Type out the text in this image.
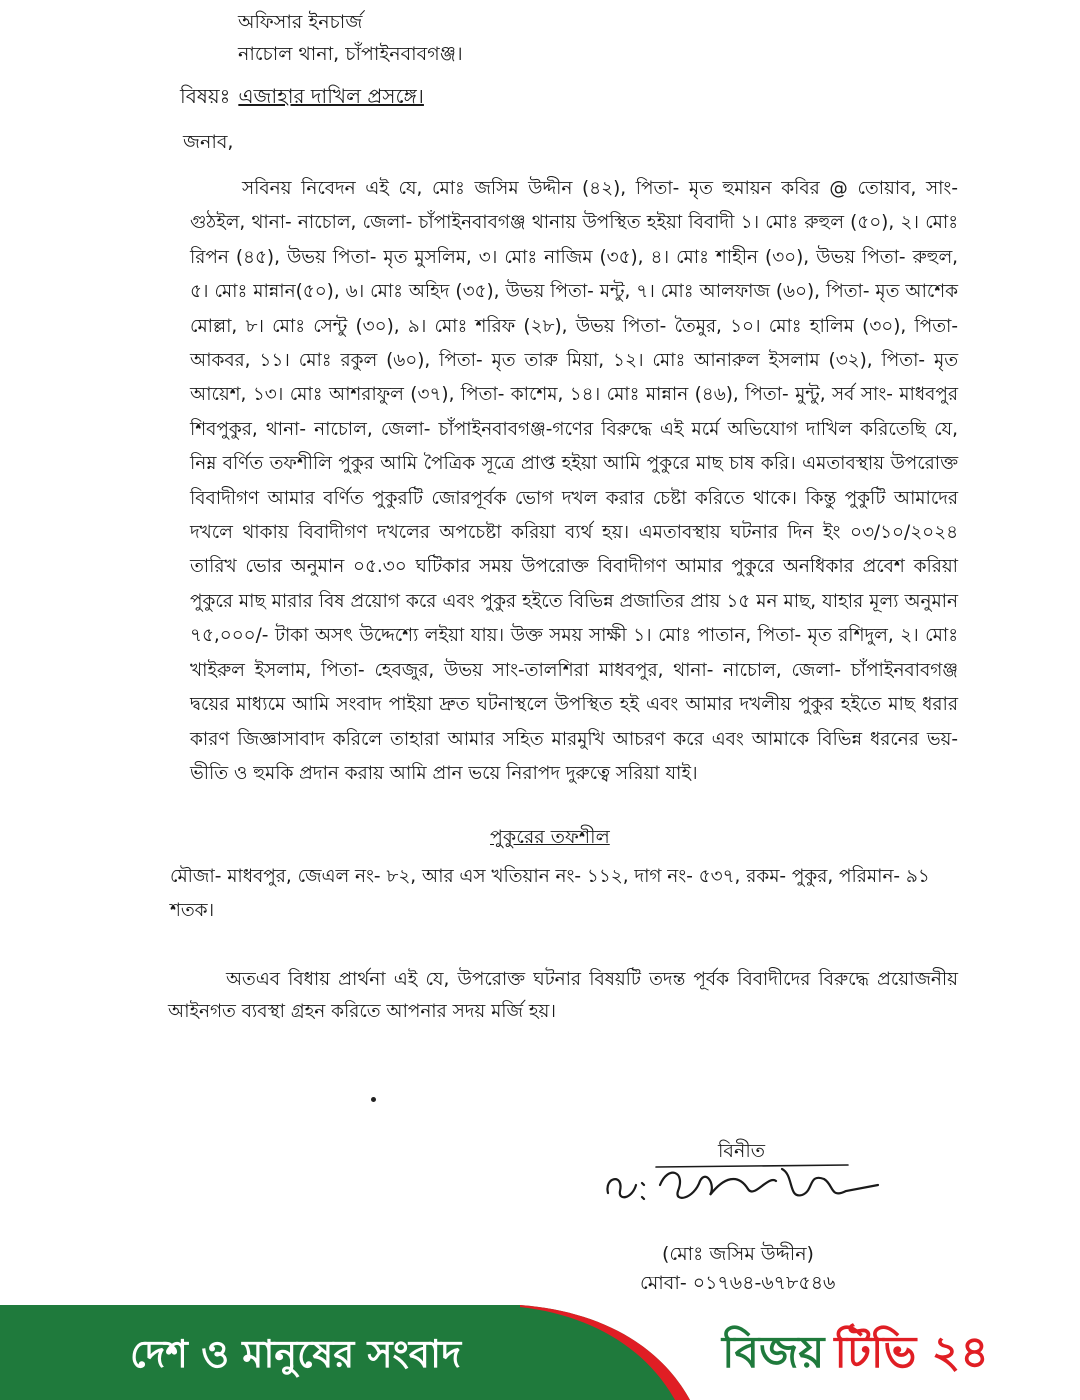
অফিসার ইনচার্জ
নাচোল থানা, চাঁপাইনবাবগঞ্জ।
বিষয়ঃ এজাহার দাখিল প্রসঙ্গে।
জনাব,

সবিনয় নিবেদন এই যে, মোঃ জসিম উদ্দীন (৪২), পিতা- মৃত হুমায়ন কবির @ তোয়াব, সাং- গুঠইল, থানা- নাচোল, জেলা- চাঁপাইনবাবগঞ্জ থানায় উপস্থিত হইয়া বিবাদী ১। মোঃ রুহুল (৫০), ২। মোঃ রিপন (৪৫), উভয় পিতা- মৃত মুসলিম, ৩। মোঃ নাজিম (৩৫), ৪। মোঃ শাহীন (৩০), উভয় পিতা- রুহুল, ৫। মোঃ মান্নান(৫০), ৬। মোঃ অহিদ (৩৫), উভয় পিতা- মন্টু, ৭। মোঃ আলফাজ (৬০), পিতা- মৃত আশেক মোল্লা, ৮। মোঃ সেন্টু (৩০), ৯। মোঃ শরিফ (২৮), উভয় পিতা- তৈমুর, ১০। মোঃ হালিম (৩০), পিতা- আকবর, ১১। মোঃ রকুল (৬০), পিতা- মৃত তারু মিয়া, ১২। মোঃ আনারুল ইসলাম (৩২), পিতা- মৃত আয়েশ, ১৩। মোঃ আশরাফুল (৩৭), পিতা- কাশেম, ১৪। মোঃ মান্নান (৪৬), পিতা- মুন্টু, সর্ব সাং- মাধবপুর শিবপুকুর, থানা- নাচোল, জেলা- চাঁপাইনবাবগঞ্জ-গণের বিরুদ্ধে এই মর্মে অভিযোগ দাখিল করিতেছি যে, নিম্ন বর্ণিত তফশীলি পুকুর আমি পৈত্রিক সূত্রে প্রাপ্ত হইয়া আমি পুকুরে মাছ চাষ করি। এমতাবস্থায় উপরোক্ত বিবাদীগণ আমার বর্ণিত পুকুরটি জোরপূর্বক ভোগ দখল করার চেষ্টা করিতে থাকে। কিন্তু পুকুটি আমাদের দখলে থাকায় বিবাদীগণ দখলের অপচেষ্টা করিয়া ব্যর্থ হয়। এমতাবস্থায় ঘটনার দিন ইং ০৩/১০/২০২৪ তারিখ ভোর অনুমান ০৫.৩০ ঘটিকার সময় উপরোক্ত বিবাদীগণ আমার পুকুরে অনধিকার প্রবেশ করিয়া পুকুরে মাছ মারার বিষ প্রয়োগ করে এবং পুকুর হইতে বিভিন্ন প্রজাতির প্রায় ১৫ মন মাছ, যাহার মূল্য অনুমান ৭৫,০০০/- টাকা অসৎ উদ্দেশ্যে লইয়া যায়। উক্ত সময় সাক্ষী ১। মোঃ পাতান, পিতা- মৃত রশিদুল, ২। মোঃ খাইরুল ইসলাম, পিতা- হেবজুর, উভয় সাং-তালশিরা মাধবপুর, থানা- নাচোল, জেলা- চাঁপাইনবাবগঞ্জ দ্বয়ের মাধ্যমে আমি সংবাদ পাইয়া দ্রুত ঘটনাস্থলে উপস্থিত হই এবং আমার দখলীয় পুকুর হইতে মাছ ধরার কারণ জিজ্ঞাসাবাদ করিলে তাহারা আমার সহিত মারমুখি আচরণ করে এবং আমাকে বিভিন্ন ধরনের ভয়-ভীতি ও হুমকি প্রদান করায় আমি প্রান ভয়ে নিরাপদ দুরুত্বে সরিয়া যাই।

পুকুরের তফশীল

মৌজা- মাধবপুর, জেএল নং- ৮২, আর এস খতিয়ান নং- ১১২, দাগ নং- ৫৩৭, রকম- পুকুর, পরিমান- ৯১ শতক।

অতএব বিধায় প্রার্থনা এই যে, উপরোক্ত ঘটনার বিষয়টি তদন্ত পূর্বক বিবাদীদের বিরুদ্ধে প্রয়োজনীয় আইনগত ব্যবস্থা গ্রহন করিতে আপনার সদয় মর্জি হয়।

বিনীত
(মোঃ জসিম উদ্দীন)
মোবা- ০১৭৬৪-৬৭৮৫৪৬
দেশ ও মানুষের সংবাদ	বিজয় টিভি ২৪
